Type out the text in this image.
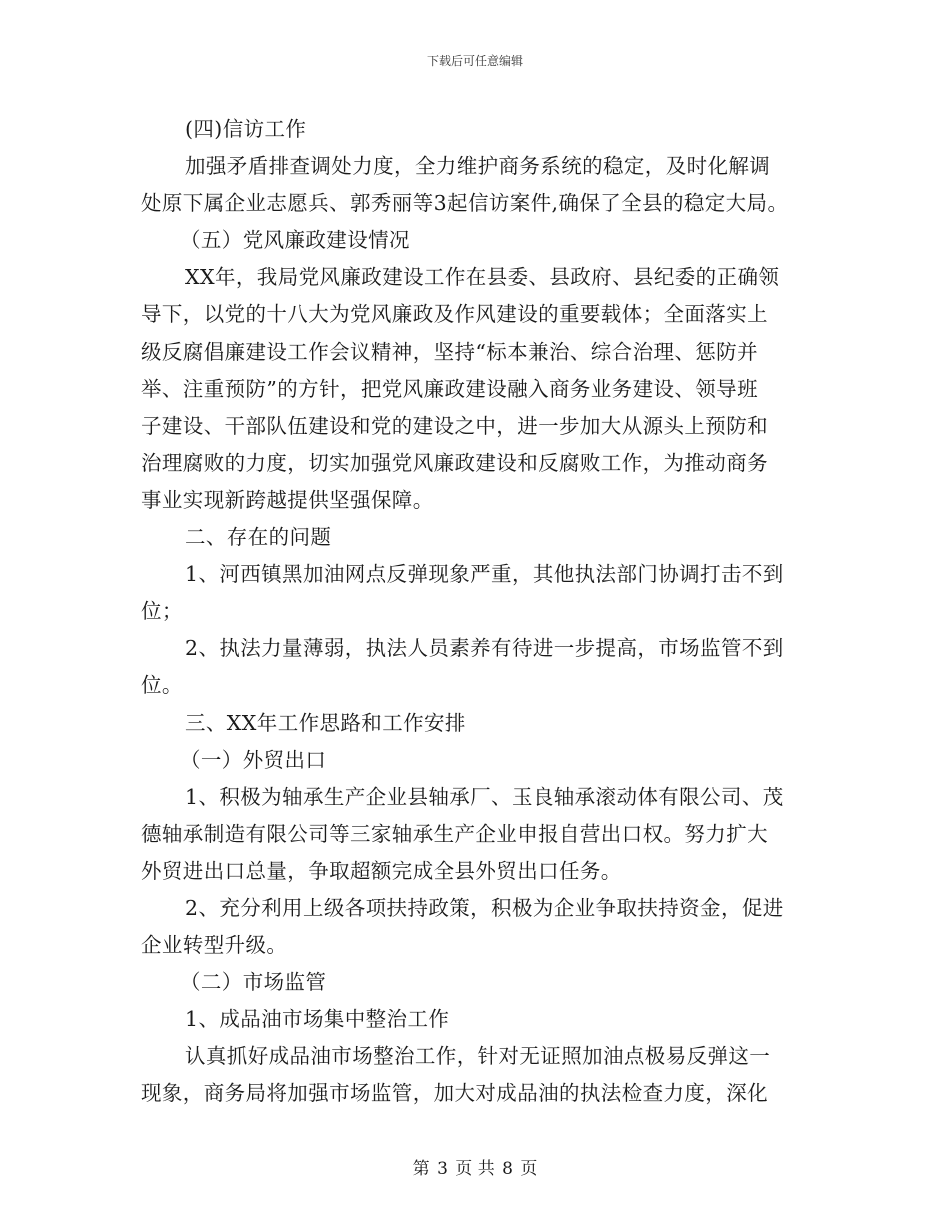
下载后可任意编辑
(四)信访工作
加强矛盾排查调处力度，全力维护商务系统的稳定，及时化解调
处原下属企业志愿兵、郭秀丽等3起信访案件,确保了全县的稳定大局。
（五）党风廉政建设情况
XX年，我局党风廉政建设工作在县委、县政府、县纪委的正确领
导下，以党的十八大为党风廉政及作风建设的重要载体；全面落实上
级反腐倡廉建设工作会议精神，坚持“标本兼治、综合治理、惩防并
举、注重预防”的方针，把党风廉政建设融入商务业务建设、领导班
子建设、干部队伍建设和党的建设之中，进一步加大从源头上预防和
治理腐败的力度，切实加强党风廉政建设和反腐败工作，为推动商务
事业实现新跨越提供坚强保障。
二、存在的问题
1、河西镇黑加油网点反弹现象严重，其他执法部门协调打击不到
位；
2、执法力量薄弱，执法人员素养有待进一步提高，市场监管不到
位。
三、XX年工作思路和工作安排
（一）外贸出口
1、积极为轴承生产企业县轴承厂、玉良轴承滚动体有限公司、茂
德轴承制造有限公司等三家轴承生产企业申报自营出口权。努力扩大
外贸进出口总量，争取超额完成全县外贸出口任务。
2、充分利用上级各项扶持政策，积极为企业争取扶持资金，促进
企业转型升级。
（二）市场监管
1、成品油市场集中整治工作
认真抓好成品油市场整治工作，针对无证照加油点极易反弹这一
现象，商务局将加强市场监管，加大对成品油的执法检查力度，深化
第 3 页 共 8 页
